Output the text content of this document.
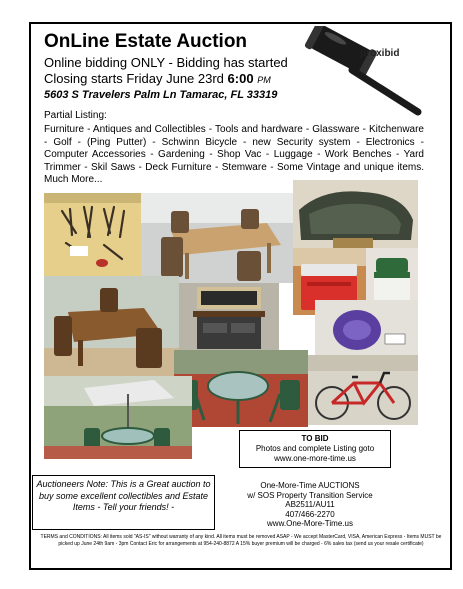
OnLine Estate Auction
Online bidding ONLY - Bidding has started
Closing starts Friday June 23rd 6:00 PM
5603 S Travelers Palm Ln Tamarac, FL 33319
proxibid
Partial Listing:
Furniture - Antiques and Collectibles - Tools and hardware - Glassware - Kitchenware - Golf - (Ping Putter) - Schwinn Bicycle - new Security system - Electronics - Computer Accessories - Gardening - Shop Vac - Luggage - Work Benches - Yard Trimmer - Skil Saws - Deck Furniture - Stemware - Some Vintage and unique items. Much More...
TO BID
Photos and complete Listing goto
www.one-more-time.us
Auctioneers Note: This is a Great auction to buy some excellent collectibles and Estate Items - Tell your friends! -
One-More-Time AUCTIONS
w/ SOS Property Transition Service
AB2511/AU11
407/466-2270
www.One-More-Time.us
TERMS and CONDITIONS: All items sold "AS-IS" without warranty of any kind. All items must be removed ASAP - We accept MasterCard, VISA, American Express - Items MUST be picked up June 24th 9am - 3pm Contact Eric for arrangements at 954-240-8872 A 15% buyer premium will be charged - 6% sales tax (send us your resale certificate)
